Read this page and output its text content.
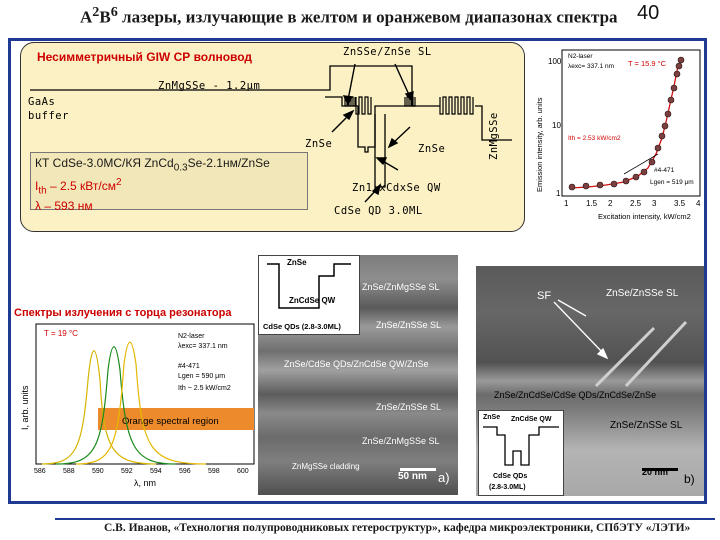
$A^2B^6$ лазеры, излучающие в желтом и оранжевом диапазонах спектра 40
Несимметричный GIW СР волновод
GaAs
buffer
ZnMgSSe - 1.2μm
ZnSSe/ZnSe SL
ZnSe	ZnSe	ZnMgSSe
Zn1-xCdxSe QW
CdSe QD 3.0ML
КТ CdSe-3.0МС/КЯ ZnCd$_{0.3}$Se-2.1нм/ZnSe
$I_{th} - 2.5$ кВт/$см^2$
λ – 593 нм
100
10
1
1 1.5 2 2.5 3 3.5 4
N2-laser
λexc= 337.1 nm T = 15.9 °C
Ith = 2.53 kW/cm2
#4-471
Lgen = 519 μm
Excitation intensity, kW/cm2
Emission intensity, arb. units
Спектры излучения с торца резонатора
Orange spectral region
T = 19 °C	N2-laser
λexc= 337.1 nm
#4-471
Lgen = 590 μm
Ith ~ 2.5 kW/cm2
586 588 590 592 594 596 598 600
λ, nm
I, arb. units
ZnSe
ZnCdSe QW
CdSe QDs (2.8-3.0ML)
ZnSe/ZnMgSSe SL
ZnSe/ZnSSe SL
ZnSe/CdSe QDs/ZnCdSe QW/ZnSe
ZnSe/ZnSSe SL
ZnSe/ZnMgSSe SL
ZnMgSSe cladding
50 nm a)
SF	ZnSe/ZnSSe SL
ZnSe/ZnCdSe/CdSe QDs/ZnCdSe/ZnSe
ZnSe/ZnSSe SL
20 nm b)
ZnSe ZnCdSe QW
CdSe QDs
(2.8-3.0ML)
С.В. Иванов, «Технология полупроводниковых гетероструктур», кафедра микроэлектроники, СПбЭТУ «ЛЭТИ»
